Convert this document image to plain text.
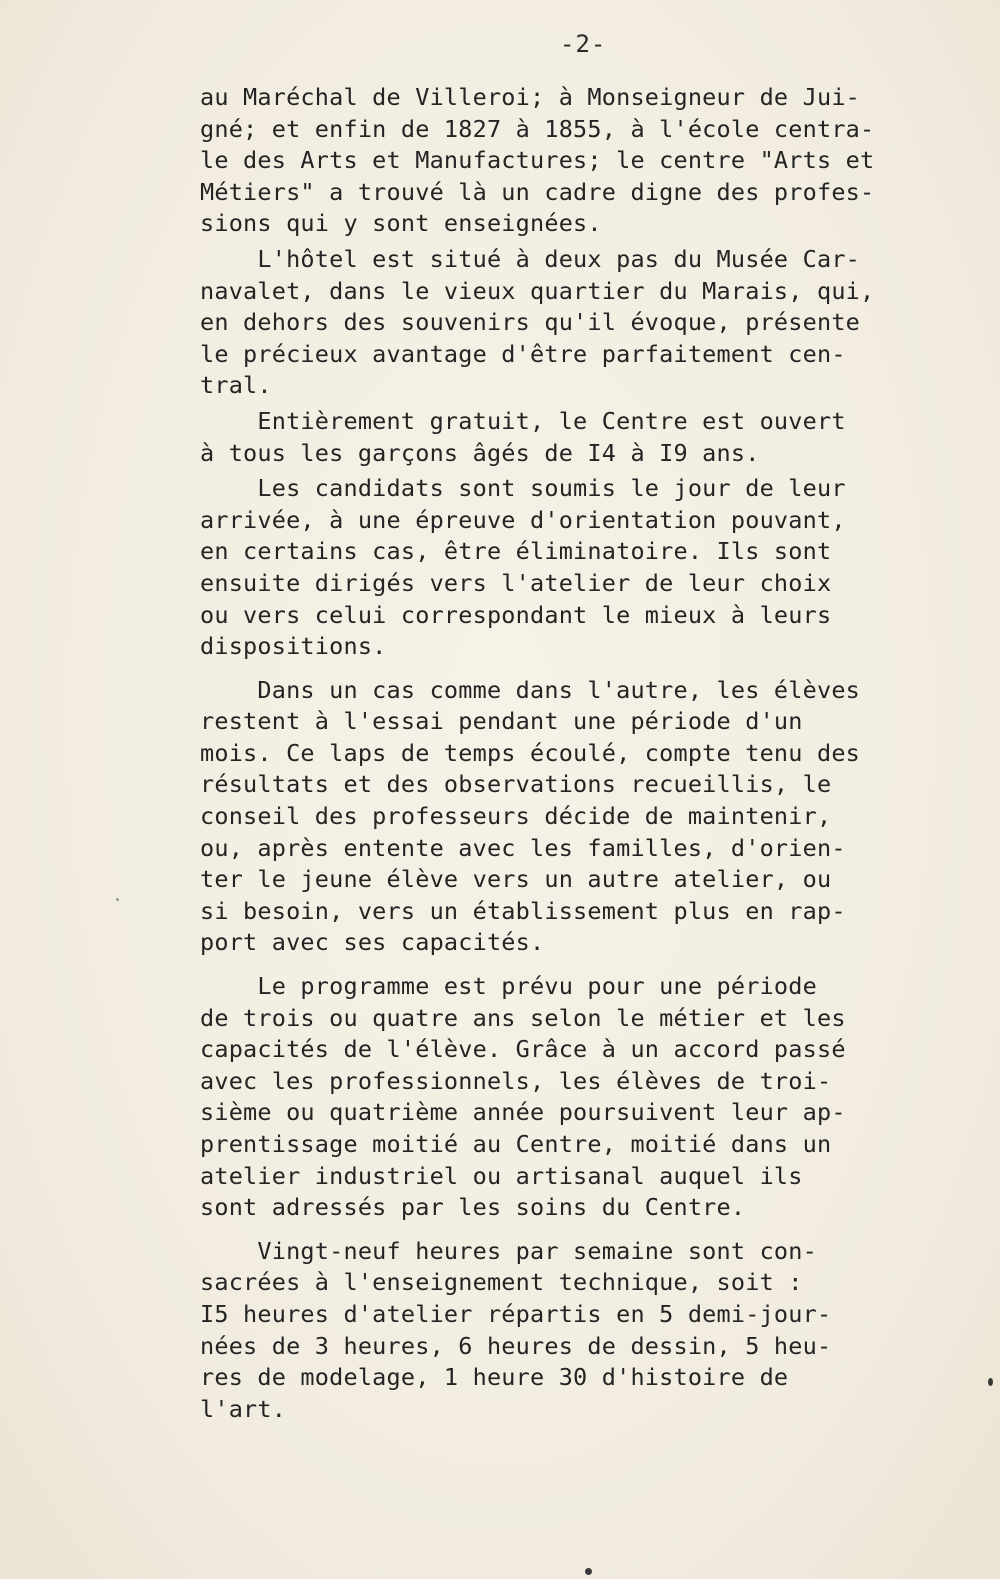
-2-
au Maréchal de Villeroi; à Monseigneur de Jui-
gné; et enfin de 1827 à 1855, à l'école centra-
le des Arts et Manufactures; le centre "Arts et
Métiers" a trouvé là un cadre digne des profes-
sions qui y sont enseignées.
L'hôtel est situé à deux pas du Musée Car-
navalet, dans le vieux quartier du Marais, qui,
en dehors des souvenirs qu'il évoque, présente
le précieux avantage d'être parfaitement cen-
tral.
Entièrement gratuit, le Centre est ouvert
à tous les garçons âgés de I4 à I9 ans.
Les candidats sont soumis le jour de leur
arrivée, à une épreuve d'orientation pouvant,
en certains cas, être éliminatoire. Ils sont
ensuite dirigés vers l'atelier de leur choix
ou vers celui correspondant le mieux à leurs
dispositions.
Dans un cas comme dans l'autre, les élèves
restent à l'essai pendant une période d'un
mois. Ce laps de temps écoulé, compte tenu des
résultats et des observations recueillis, le
conseil des professeurs décide de maintenir,
ou, après entente avec les familles, d'orien-
ter le jeune élève vers un autre atelier, ou
si besoin, vers un établissement plus en rap-
port avec ses capacités.
Le programme est prévu pour une période
de trois ou quatre ans selon le métier et les
capacités de l'élève. Grâce à un accord passé
avec les professionnels, les élèves de troi-
sième ou quatrième année poursuivent leur ap-
prentissage moitié au Centre, moitié dans un
atelier industriel ou artisanal auquel ils
sont adressés par les soins du Centre.
Vingt-neuf heures par semaine sont con-
sacrées à l'enseignement technique, soit :
I5 heures d'atelier répartis en 5 demi-jour-
nées de 3 heures, 6 heures de dessin, 5 heu-
res de modelage, 1 heure 30 d'histoire de
l'art.
